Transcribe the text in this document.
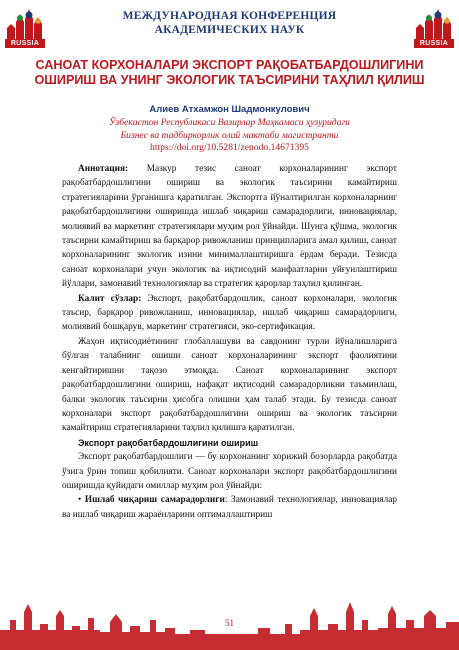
RUSSIA
МЕЖДУНАРОДНАЯ КОНФЕРЕНЦИЯ
АКАДЕМИЧЕСКИХ НАУК
RUSSIA
САНОАТ КОРХОНАЛАРИ ЭКСПОРТ РАҚОБАТБАРДОШЛИГИНИ ОШИРИШ ВА УНИНГ ЭКОЛОГИК ТАЪСИРИНИ ТАҲЛИЛ ҚИЛИШ
Алиев Атхамжон Шадмонкулович
Ўзбекистон Республикаси Вазирлар Маҳкамаси ҳузуридаги
Бизнес ва тадбиркорлик олий мактаби магистранти
https://doi.org/10.5281/zenodo.14671395

Аннотация: Мазкур тезис саноат корхоналарининг экспорт рақобатбардошлигини ошириш ва экологик таъсирини камайтириш стратегияларини ўрганишга қаратилган. Экспортга йўналтирилган корхоналарнинг рақобатбардошлигини оширишда ишлаб чиқариш самарадорлиги, инновациялар, молиявий ва маркетинг стратегиялари муҳим рол ўйнайди. Шунга қўшма, экологик таъсирни камайтириш ва барқарор ривожланиш принципларига амал қилиш, саноат корхоналарининг экологик изини минималлаштиришга ёрдам беради. Тезисда саноат корхоналари учун экологик ва иқтисодий манфаатларни уйғунлаштириш йўллари, замонавий технологиялар ва стратегик қарорлар таҳлил қилинган.

Калит сўзлар: Экспорт, рақобатбардошлик, саноат корхоналари, экологик таъсир, барқарор ривожланиш, инновациялар, ишлаб чиқариш самарадорлиги, молиявий бошқарув, маркетинг стратегияси, эко-сертификация.

Жаҳон иқтисодиётининг глобаллашуви ва савдонинг турли йўналишларига бўлган талабнинг ошиши саноат корхоналарининг экспорт фаолиятини кенгайтиришни тақозо этмоқда. Саноат корхоналарининг экспорт рақобатбардошлигини ошириш, нафақат иқтисодий самарадорликни таъминлаш, балки экологик таъсирни ҳисобга олишни ҳам талаб этади. Бу тезисда саноат корхоналари экспорт рақобатбардошлигини ошириш ва экологик таъсирни камайтириш стратегияларини таҳлил қилишга қаратилган.

Экспорт рақобатбардошлигини ошириш

Экспорт рақобатбардошлиги — бу корхонанинг хорижий бозорларда рақобатда ўзига ўрин топиш қобилияти. Саноат корхоналари экспорт рақобатбардошлигини оширишда қуйидаги омиллар муҳим рол ўйнайди:

• Ишлаб чиқариш самарадорлиги: Замонавий технологиялар, инновациялар ва ишлаб чиқариш жараёнларини оптималлаштириш

51
